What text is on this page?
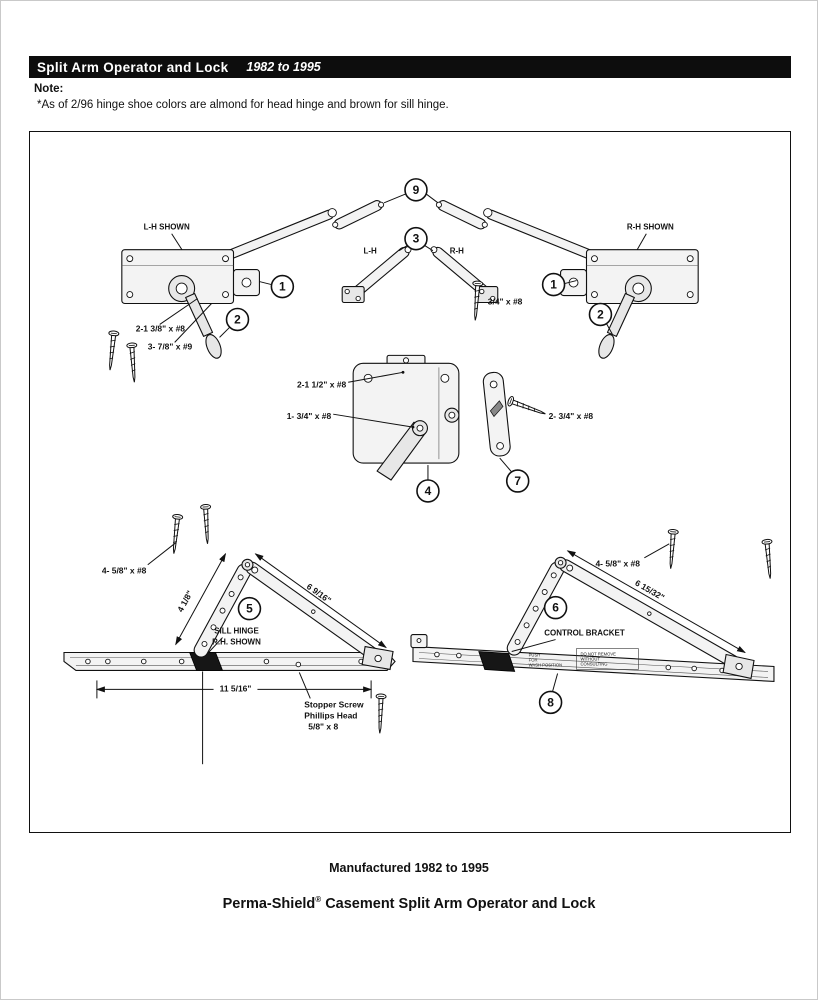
Split Arm Operator and Lock 1982 to 1995
Note:
*As of 2/96 hinge shoe colors are almond for head hinge and brown for sill hinge.
L-H SHOWN	R-H SHOWN
L-H	R-H
3/4" x #8
2-1 3/8" x #8
3- 7/8" x #9
9
3
1	1
2	2
2-1 1/2" x #8
1- 3/4" x #8
4
2- 3/4" x #8
7
4- 5/8" x #8
4 1/8"	6 9/16"
SILL HINGE
R.H. SHOWN
11 5/16"
Stopper Screw
Phillips Head
5/8" x 8
5
PUSH
FOR
WASH POSITION
DO NOT REMOVE
WITHOUT
CONSULTING
4- 5/8" x #8
6 15/32"
CONTROL BRACKET
6
8
Manufactured 1982 to 1995
Perma-Shield® Casement Split Arm Operator and Lock
